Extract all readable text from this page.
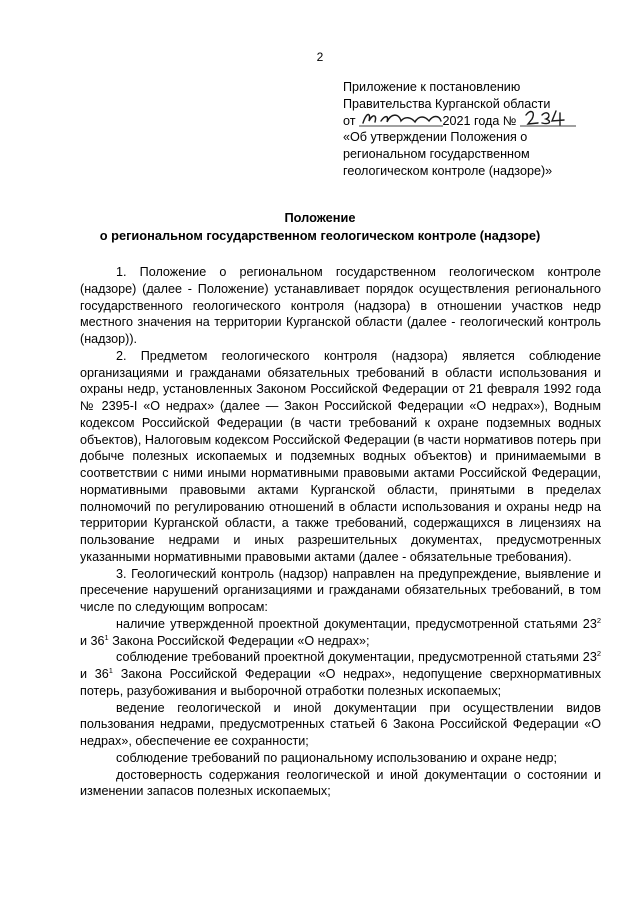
2
Приложение к постановлению
Правительства Курганской области
от	2021 года №
«Об утверждении Положения о
региональном государственном
геологическом контроле (надзоре)»
Положение
о региональном государственном геологическом контроле (надзоре)

1. Положение о региональном государственном геологическом контроле (надзоре) (далее - Положение) устанавливает порядок осуществления регионального государственного геологического контроля (надзора) в отношении участков недр местного значения на территории Курганской области (далее - геологический контроль (надзор)).

2. Предметом геологического контроля (надзора) является соблюдение организациями и гражданами обязательных требований в области использования и охраны недр, установленных Законом Российской Федерации от 21 февраля 1992 года № 2395-I «О недрах» (далее — Закон Российской Федерации «О недрах»), Водным кодексом Российской Федерации (в части требований к охране подземных водных объектов), Налоговым кодексом Российской Федерации (в части нормативов потерь при добыче полезных ископаемых и подземных водных объектов) и принимаемыми в соответствии с ними иными нормативными правовыми актами Российской Федерации, нормативными правовыми актами Курганской области, принятыми в пределах полномочий по регулированию отношений в области использования и охраны недр на территории Курганской области, а также требований, содержащихся в лицензиях на пользование недрами и иных разрешительных документах, предусмотренных указанными нормативными правовыми актами (далее - обязательные требования).

3. Геологический контроль (надзор) направлен на предупреждение, выявление и пресечение нарушений организациями и гражданами обязательных требований, в том числе по следующим вопросам:

наличие утвержденной проектной документации, предусмотренной статьями $23^2$ и $36^1$ Закона Российской Федерации «О недрах»;

соблюдение требований проектной документации, предусмотренной статьями $23^2$ и $36^1$ Закона Российской Федерации «О недрах», недопущение сверхнормативных потерь, разубоживания и выборочной отработки полезных ископаемых;

ведение геологической и иной документации при осуществлении видов пользования недрами, предусмотренных статьей 6 Закона Российской Федерации «О недрах», обеспечение ее сохранности;

соблюдение требований по рациональному использованию и охране недр;

достоверность содержания геологической и иной документации о состоянии и изменении запасов полезных ископаемых;
